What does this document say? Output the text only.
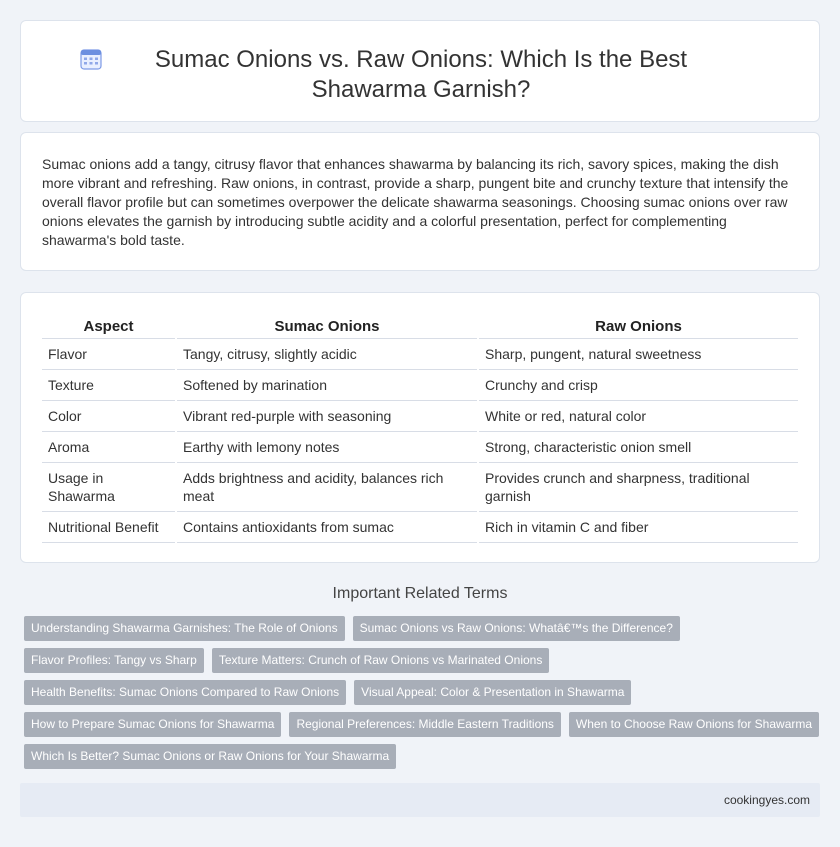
Sumac Onions vs. Raw Onions: Which Is the Best Shawarma Garnish?

Sumac onions add a tangy, citrusy flavor that enhances shawarma by balancing its rich, savory spices, making the dish more vibrant and refreshing. Raw onions, in contrast, provide a sharp, pungent bite and crunchy texture that intensify the overall flavor profile but can sometimes overpower the delicate shawarma seasonings. Choosing sumac onions over raw onions elevates the garnish by introducing subtle acidity and a colorful presentation, perfect for complementing shawarma's bold taste.

Aspect	Sumac Onions	Raw Onions
Flavor	Tangy, citrusy, slightly acidic	Sharp, pungent, natural sweetness
Texture	Softened by marination	Crunchy and crisp
Color	Vibrant red-purple with seasoning	White or red, natural color
Aroma	Earthy with lemony notes	Strong, characteristic onion smell
Usage in Shawarma	Adds brightness and acidity, balances rich meat	Provides crunch and sharpness, traditional garnish
Nutritional Benefit	Contains antioxidants from sumac	Rich in vitamin C and fiber
Important Related Terms
Understanding Shawarma Garnishes: The Role of Onions	Sumac Onions vs Raw Onions: Whatâ€™s the Difference?
Flavor Profiles: Tangy vs Sharp	Texture Matters: Crunch of Raw Onions vs Marinated Onions
Health Benefits: Sumac Onions Compared to Raw Onions	Visual Appeal: Color & Presentation in Shawarma
How to Prepare Sumac Onions for Shawarma	Regional Preferences: Middle Eastern Traditions	When to Choose Raw Onions for Shawarma
Which Is Better? Sumac Onions or Raw Onions for Your Shawarma
cookingyes.com
